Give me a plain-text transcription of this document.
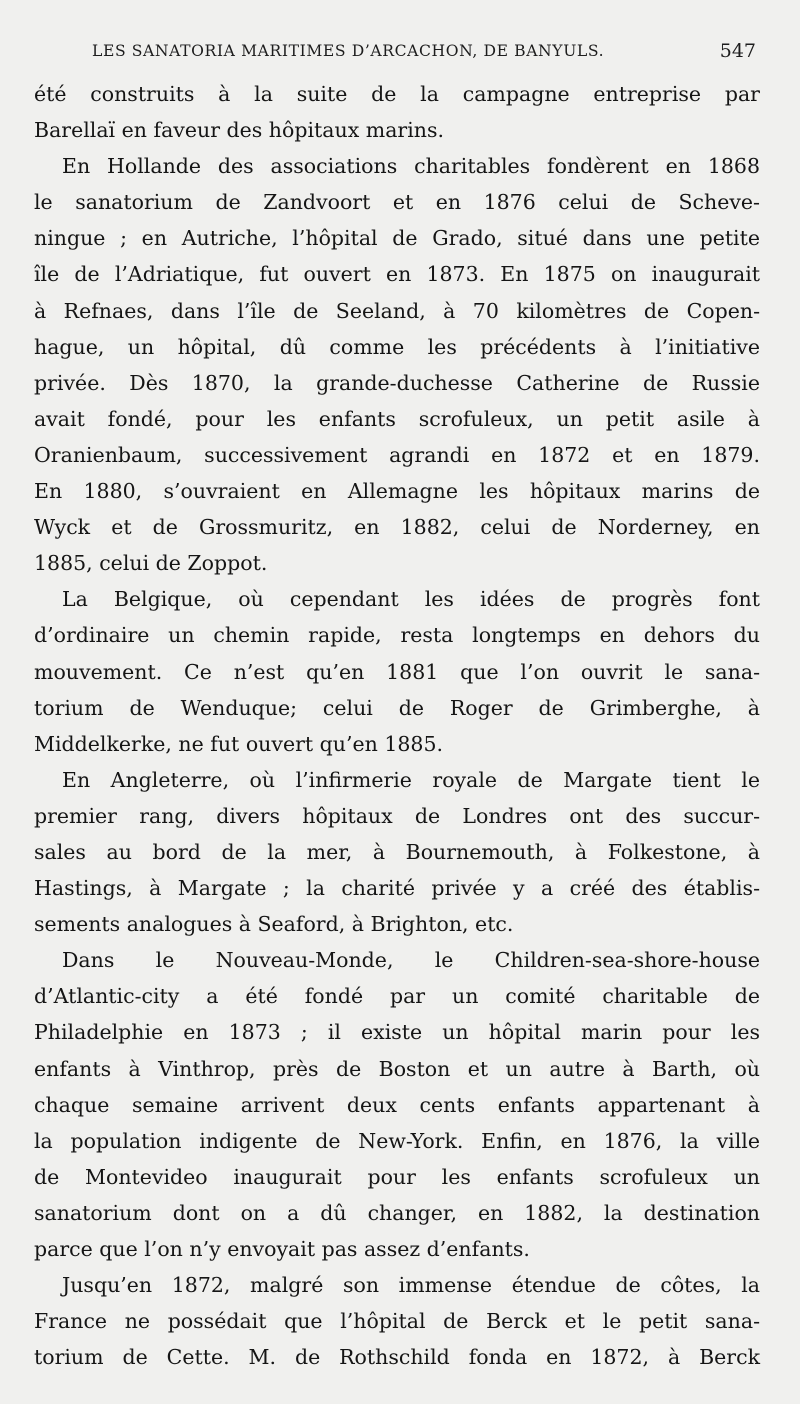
LES SANATORIA MARITIMES D’ARCACHON, DE BANYULS.	547
été construits à la suite de la campagne entreprise par
Barellaï en faveur des hôpitaux marins.
En Hollande des associations charitables fondèrent en 1868
le sanatorium de Zandvoort et en 1876 celui de Scheve-
ningue ; en Autriche, l’hôpital de Grado, situé dans une petite
île de l’Adriatique, fut ouvert en 1873. En 1875 on inaugurait
à Refnaes, dans l’île de Seeland, à 70 kilomètres de Copen-
hague, un hôpital, dû comme les précédents à l’initiative
privée. Dès 1870, la grande-duchesse Catherine de Russie
avait fondé, pour les enfants scrofuleux, un petit asile à
Oranienbaum, successivement agrandi en 1872 et en 1879.
En 1880, s’ouvraient en Allemagne les hôpitaux marins de
Wyck et de Grossmuritz, en 1882, celui de Norderney, en
1885, celui de Zoppot.
La Belgique, où cependant les idées de progrès font
d’ordinaire un chemin rapide, resta longtemps en dehors du
mouvement. Ce n’est qu’en 1881 que l’on ouvrit le sana-
torium de Wenduque; celui de Roger de Grimberghe, à
Middelkerke, ne fut ouvert qu’en 1885.
En Angleterre, où l’infirmerie royale de Margate tient le
premier rang, divers hôpitaux de Londres ont des succur-
sales au bord de la mer, à Bournemouth, à Folkestone, à
Hastings, à Margate ; la charité privée y a créé des établis-
sements analogues à Seaford, à Brighton, etc.
Dans le Nouveau-Monde, le Children-sea-shore-house
d’Atlantic-city a été fondé par un comité charitable de
Philadelphie en 1873 ; il existe un hôpital marin pour les
enfants à Vinthrop, près de Boston et un autre à Barth, où
chaque semaine arrivent deux cents enfants appartenant à
la population indigente de New-York. Enfin, en 1876, la ville
de Montevideo inaugurait pour les enfants scrofuleux un
sanatorium dont on a dû changer, en 1882, la destination
parce que l’on n’y envoyait pas assez d’enfants.
Jusqu’en 1872, malgré son immense étendue de côtes, la
France ne possédait que l’hôpital de Berck et le petit sana-
torium de Cette. M. de Rothschild fonda en 1872, à Berck
